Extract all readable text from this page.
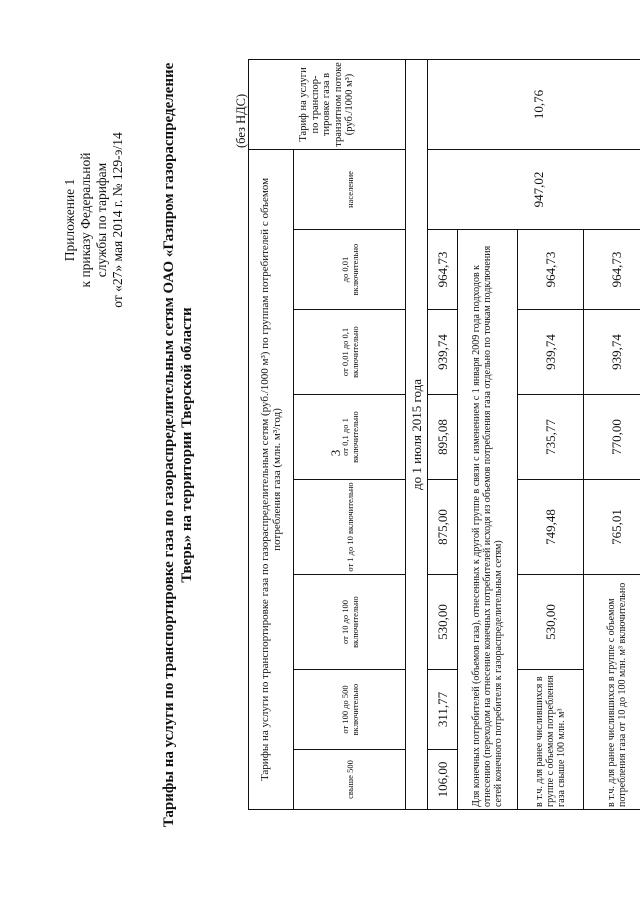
Приложение 1 к приказу Федеральной службы по тарифам от «27» мая 2014 г. № 129-э/14 Тарифы на услуги по транспортировке газа по газораспределительным сетям ОАО «Газпром газораспределение Тверь» на территории Тверской области	3
(без НДС)
Тарифы на услуги по транспортировке газа по газораспределительным сетям (руб./1000 м³) по группам потребителей с объемом потребления газа (млн. м³/год)								Тариф на услуги по транспор-тировке газа в транзитном потоке (руб./1000 м³)
свыше 500	от 100 до 500 включительно	от 10 до 100 включительно	от 1 до 10 включительно	от 0,1 до 1 включительно	от 0,01 до 0,1 включительно	до 0,01 включительно	население	
до 1 июля 2015 года								
106,00	311,77	530,00	875,00	895,08	939,74	964,73	947,02	10,76
Для конечных потребителей (объемов газа), отнесенных к другой группе в связи с изменением с 1 января 2009 года подходов к отнесению (переходом на отнесение конечных потребителей исходя из объемов потребления газа отдельно по точкам подключения сетей конечного потребителя к газораспределительным сетям)								
в т.ч. для ранее числившихся в группе с объемом потребления газа свыше 100 млн. м³		530,00	749,48	735,77	939,74	964,73		
в т.ч. для ранее числившихся в группе с объемом потребления газа от 10 до 100 млн. м³ включительно			765,01	770,00	939,74	964,73		
